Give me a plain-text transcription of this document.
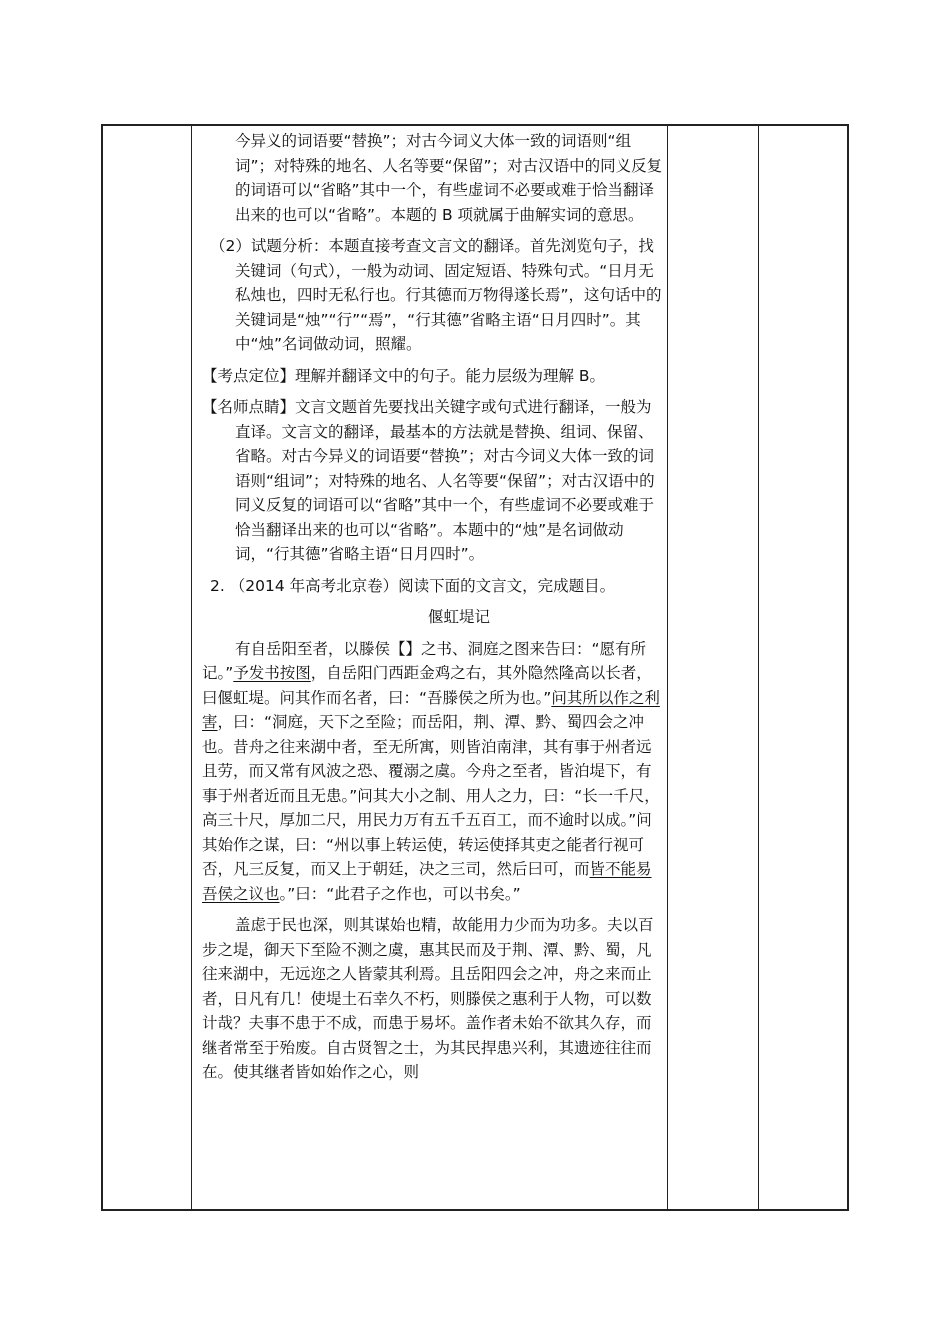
今异义的词语要“替换”；对古今词义大体一致的词语则“组词”；对特殊的地名、人名等要“保留”；对古汉语中的同义反复的词语可以“省略”其中一个，有些虚词不必要或难于恰当翻译出来的也可以“省略”。本题的 B 项就属于曲解实词的意思。

（2）试题分析：本题直接考查文言文的翻译。首先浏览句子，找关键词（句式），一般为动词、固定短语、特殊句式。“日月无私烛也，四时无私行也。行其德而万物得遂长焉”，这句话中的关键词是“烛”“行”“焉”，“行其德”省略主语“日月四时”。其中“烛”名词做动词，照耀。

【考点定位】理解并翻译文中的句子。能力层级为理解 B。

【名师点睛】文言文题首先要找出关键字或句式进行翻译，一般为直译。文言文的翻译，最基本的方法就是替换、组词、保留、省略。对古今异义的词语要“替换”；对古今词义大体一致的词语则“组词”；对特殊的地名、人名等要“保留”；对古汉语中的同义反复的词语可以“省略”其中一个，有些虚词不必要或难于恰当翻译出来的也可以“省略”。本题中的“烛”是名词做动词，“行其德”省略主语“日月四时”。

2. （2014 年高考北京卷）阅读下面的文言文，完成题目。

偃虹堤记

有自岳阳至者，以滕侯【】之书、洞庭之图来告曰：“愿有所记。”予发书按图，自岳阳门西距金鸡之右，其外隐然隆高以长者，曰偃虹堤。问其作而名者，曰：“吾滕侯之所为也。”问其所以作之利害，曰：“洞庭，天下之至险；而岳阳，荆、潭、黔、蜀四会之冲也。昔舟之往来湖中者，至无所寓，则皆泊南津，其有事于州者远且劳，而又常有风波之恐、覆溺之虞。今舟之至者，皆泊堤下，有事于州者近而且无患。”问其大小之制、用人之力，曰：“长一千尺，高三十尺，厚加二尺，用民力万有五千五百工，而不逾时以成。”问其始作之谋，曰：“州以事上转运使，转运使择其吏之能者行视可否，凡三反复，而又上于朝廷，决之三司，然后曰可，而皆不能易吾侯之议也。”曰：“此君子之作也，可以书矣。”

盖虑于民也深，则其谋始也精，故能用力少而为功多。夫以百步之堤，御天下至险不测之虞，惠其民而及于荆、潭、黔、蜀，凡往来湖中，无远迩之人皆蒙其利焉。且岳阳四会之冲，舟之来而止者，日凡有几！使堤土石幸久不朽，则滕侯之惠利于人物，可以数计哉？夫事不患于不成，而患于易坏。盖作者未始不欲其久存，而继者常至于殆废。自古贤智之士，为其民捍患兴利，其遗迹往往而在。使其继者皆如始作之心，则
